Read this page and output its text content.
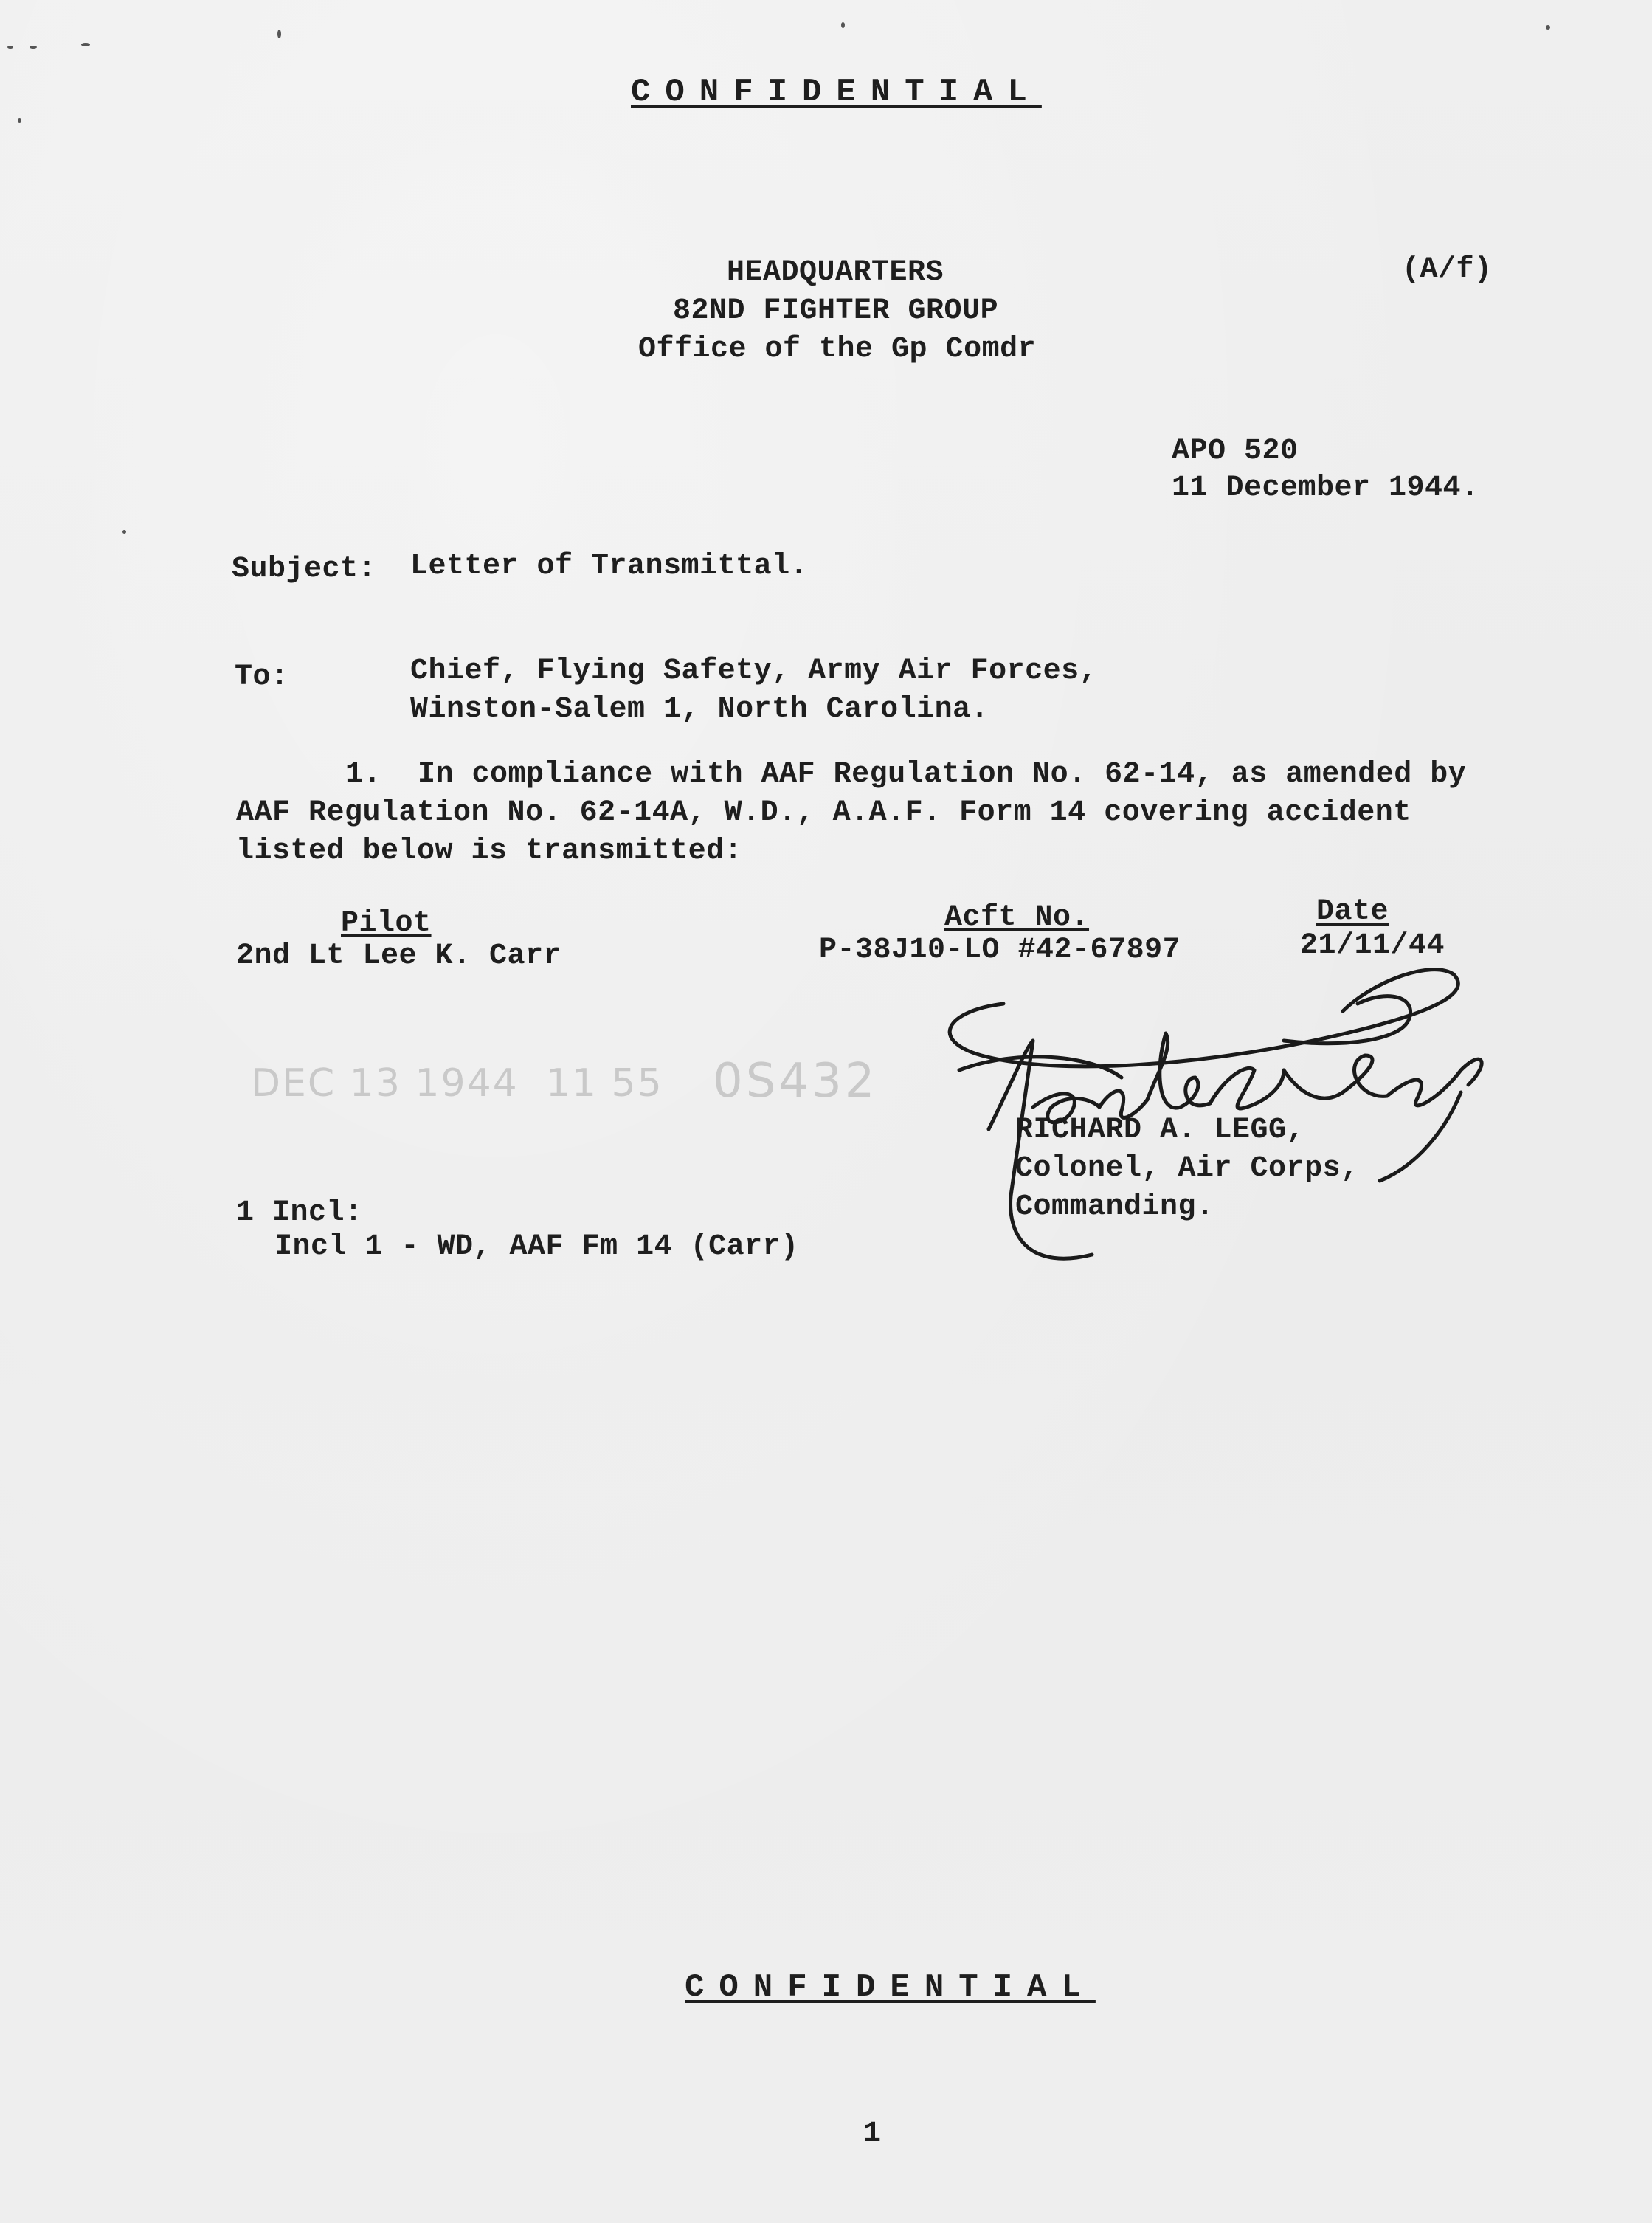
CONFIDENTIAL
HEADQUARTERS
82ND FIGHTER GROUP
Office of the Gp Comdr
(A/f)
APO 520
11 December 1944.
Subject: Letter of Transmittal.
To:	Chief, Flying Safety, Army Air Forces,
Winston-Salem 1, North Carolina.
1.  In compliance with AAF Regulation No. 62-14, as amended by
AAF Regulation No. 62-14A, W.D., A.A.F. Form 14 covering accident
listed below is transmitted:
Pilot	Acft No.	Date
2nd Lt Lee K. Carr	P-38J10-LO #42-67897	21/11/44
DEC 13 1944  11 55 0S432
RICHARD A. LEGG,
Colonel, Air Corps,
Commanding.
1 Incl:
Incl 1 - WD, AAF Fm 14 (Carr)
CONFIDENTIAL
1
